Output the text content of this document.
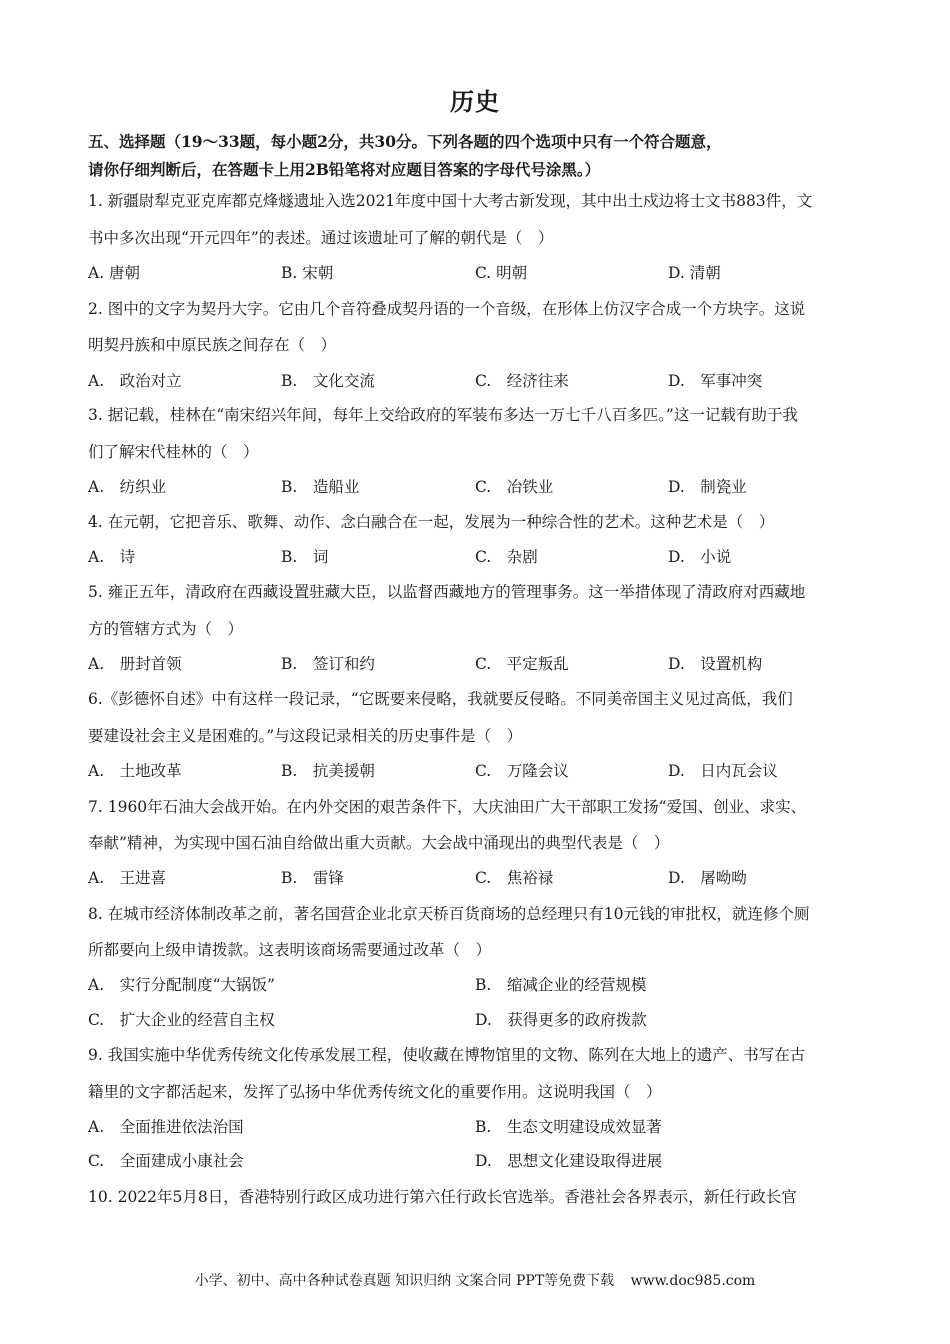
历史
五、选择题（19～33题，每小题2分，共30分。下列各题的四个选项中只有一个符合题意，
请你仔细判断后，在答题卡上用2B铅笔将对应题目答案的字母代号涂黑。）
1. 新疆尉犁克亚克库都克烽燧遗址入选2021年度中国十大考古新发现，其中出土戍边将士文书883件，文
书中多次出现“开元四年”的表述。通过该遗址可了解的朝代是（　）
A. 唐朝	B. 宋朝	C. 明朝	D. 清朝
2. 图中的文字为契丹大字。它由几个音符叠成契丹语的一个音级，在形体上仿汉字合成一个方块字。这说
明契丹族和中原民族之间存在（　）
A.　政治对立	B.　文化交流	C.　经济往来	D.　军事冲突
3. 据记载，桂林在“南宋绍兴年间，每年上交给政府的军装布多达一万七千八百多匹。”这一记载有助于我
们了解宋代桂林的（　）
A.　纺织业	B.　造船业	C.　冶铁业	D.　制瓷业
4. 在元朝，它把音乐、歌舞、动作、念白融合在一起，发展为一种综合性的艺术。这种艺术是（　）
A.　诗	B.　词	C.　杂剧	D.　小说
5. 雍正五年，清政府在西藏设置驻藏大臣，以监督西藏地方的管理事务。这一举措体现了清政府对西藏地
方的管辖方式为（　）
A.　册封首领	B.　签订和约	C.　平定叛乱	D.　设置机构
6.《彭德怀自述》中有这样一段记录，“它既要来侵略，我就要反侵略。不同美帝国主义见过高低，我们
要建设社会主义是困难的。”与这段记录相关的历史事件是（　）
A.　土地改革	B.　抗美援朝	C.　万隆会议	D.　日内瓦会议
7. 1960年石油大会战开始。在内外交困的艰苦条件下，大庆油田广大干部职工发扬“爱国、创业、求实、
奉献”精神，为实现中国石油自给做出重大贡献。大会战中涌现出的典型代表是（　）
A.　王进喜	B.　雷锋	C.　焦裕禄	D.　屠呦呦
8. 在城市经济体制改革之前，著名国营企业北京天桥百货商场的总经理只有10元钱的审批权，就连修个厕
所都要向上级申请拨款。这表明该商场需要通过改革（　）
A.　实行分配制度“大锅饭”	B.　缩减企业的经营规模
C.　扩大企业的经营自主权	D.　获得更多的政府拨款
9. 我国实施中华优秀传统文化传承发展工程，使收藏在博物馆里的文物、陈列在大地上的遗产、书写在古
籍里的文字都活起来，发挥了弘扬中华优秀传统文化的重要作用。这说明我国（　）
A.　全面推进依法治国	B.　生态文明建设成效显著
C.　全面建成小康社会	D.　思想文化建设取得进展
10. 2022年5月8日，香港特别行政区成功进行第六任行政长官选举。香港社会各界表示，新任行政长官
小学、初中、高中各种试卷真题 知识归纳 文案合同 PPT等免费下载 www.doc985.com
